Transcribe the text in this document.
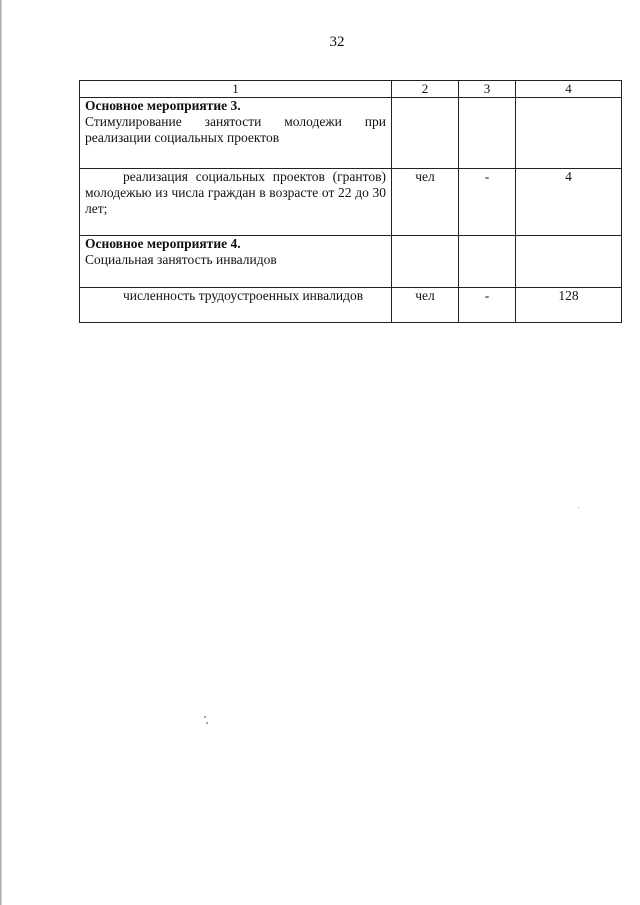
32
1	2	3	4

Основное мероприятие 3.
Стимулирование занятости молодежи при реализации социальных проектов			

реализация социальных проектов (грантов) молодежью из числа граждан в возрасте от 22 до 30 лет;	чел	-	4

Основное мероприятие 4.
Социальная занятость инвалидов			

численность трудоустроенных инвалидов	чел	-	128
